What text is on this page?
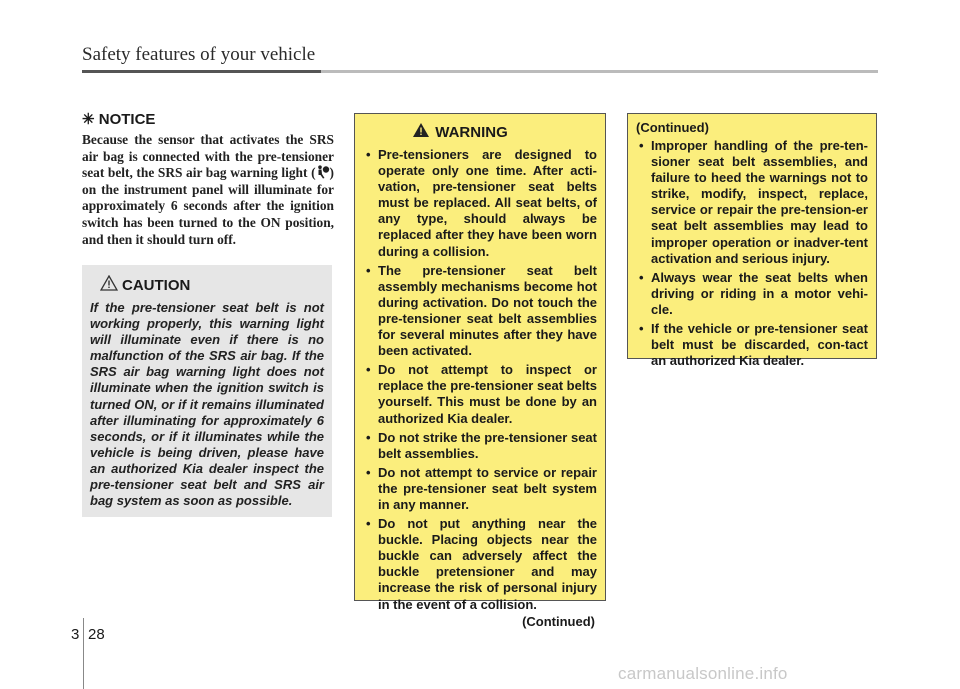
Safety features of your vehicle
✳ NOTICE
Because the sensor that activates the SRS air bag is connected with the pre-tensioner seat belt, the SRS air bag warning light ( ) on the instrument panel will illuminate for approximately 6 seconds after the ignition switch has been turned to the ON position, and then it should turn off.
CAUTION
If the pre-tensioner seat belt is not working properly, this warning light will illuminate even if there is no malfunction of the SRS air bag. If the SRS air bag warning light does not illuminate when the ignition switch is turned ON, or if it remains illuminated after illuminating for approximately 6 seconds, or if it illuminates while the vehicle is being driven, please have an authorized Kia dealer inspect the pre-tensioner seat belt and SRS air bag system as soon as possible.
WARNING
• Pre-tensioners are designed to operate only one time. After acti-vation, pre-tensioner seat belts must be replaced. All seat belts, of any type, should always be replaced after they have been worn during a collision.
• The pre-tensioner seat belt assembly mechanisms become hot during activation. Do not touch the pre-tensioner seat belt assemblies for several minutes after they have been activated.
• Do not attempt to inspect or replace the pre-tensioner seat belts yourself. This must be done by an authorized Kia dealer.
• Do not strike the pre-tensioner seat belt assemblies.
• Do not attempt to service or repair the pre-tensioner seat belt system in any manner.
• Do not put anything near the buckle. Placing objects near the buckle can adversely affect the buckle pretensioner and may increase the risk of personal injury in the event of a collision.
(Continued)
(Continued)
• Improper handling of the pre-ten-sioner seat belt assemblies, and failure to heed the warnings not to strike, modify, inspect, replace, service or repair the pre-tension-er seat belt assemblies may lead to improper operation or inadver-tent activation and serious injury.
• Always wear the seat belts when driving or riding in a motor vehi-cle.
• If the vehicle or pre-tensioner seat belt must be discarded, con-tact an authorized Kia dealer.
3 28
carmanualsonline.info
